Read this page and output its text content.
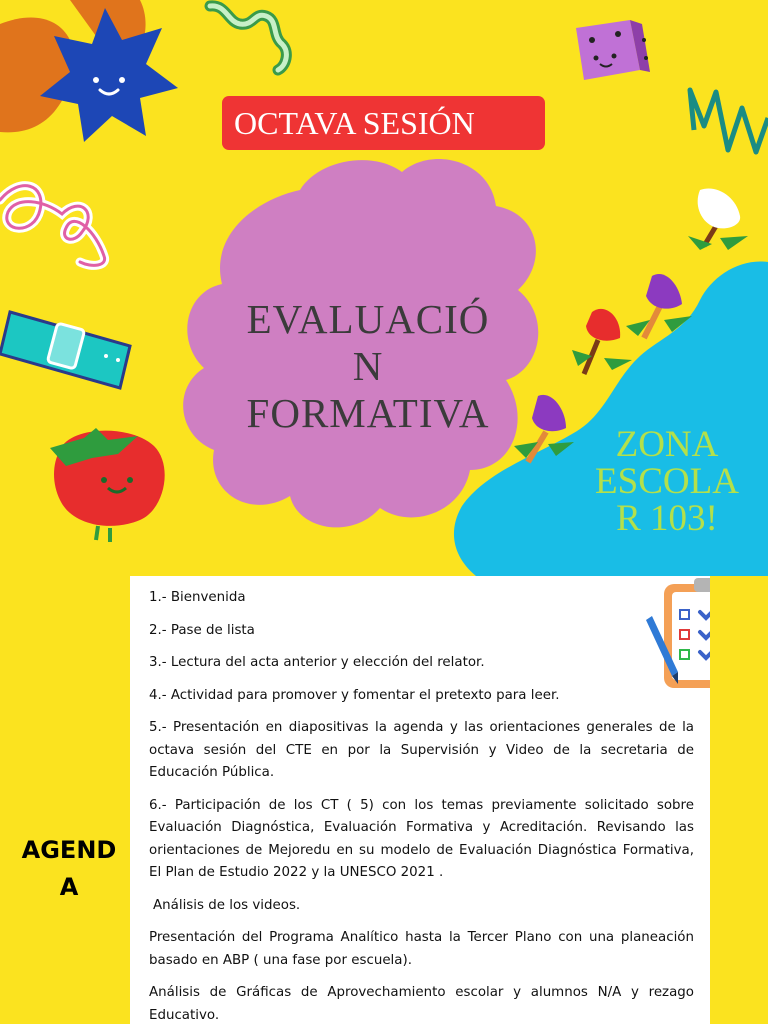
OCTAVA SESIÓN
EVALUACIÓ
N
FORMATIVA
ZONA
ESCOLA
R 103!
AGEND
A

1.- Bienvenida

2.- Pase de lista

3.- Lectura del acta anterior y elección del relator.

4.- Actividad para promover y fomentar el pretexto para leer.

5.- Presentación en diapositivas la agenda y las orientaciones generales de la octava sesión del CTE en por la Supervisión y Video de la secretaria de Educación Pública.

6.- Participación de los CT ( 5) con los temas previamente solicitado sobre Evaluación Diagnóstica, Evaluación Formativa y Acreditación. Revisando las orientaciones de Mejoredu en su modelo de Evaluación Diagnóstica Formativa, El Plan de Estudio 2022 y la UNESCO 2021 .

Análisis de los videos.

Presentación del Programa Analítico hasta la Tercer Plano con una planeación basado en ABP ( una fase por escuela).

Análisis de Gráficas de Aprovechamiento escolar y alumnos N/A y rezago Educativo.
